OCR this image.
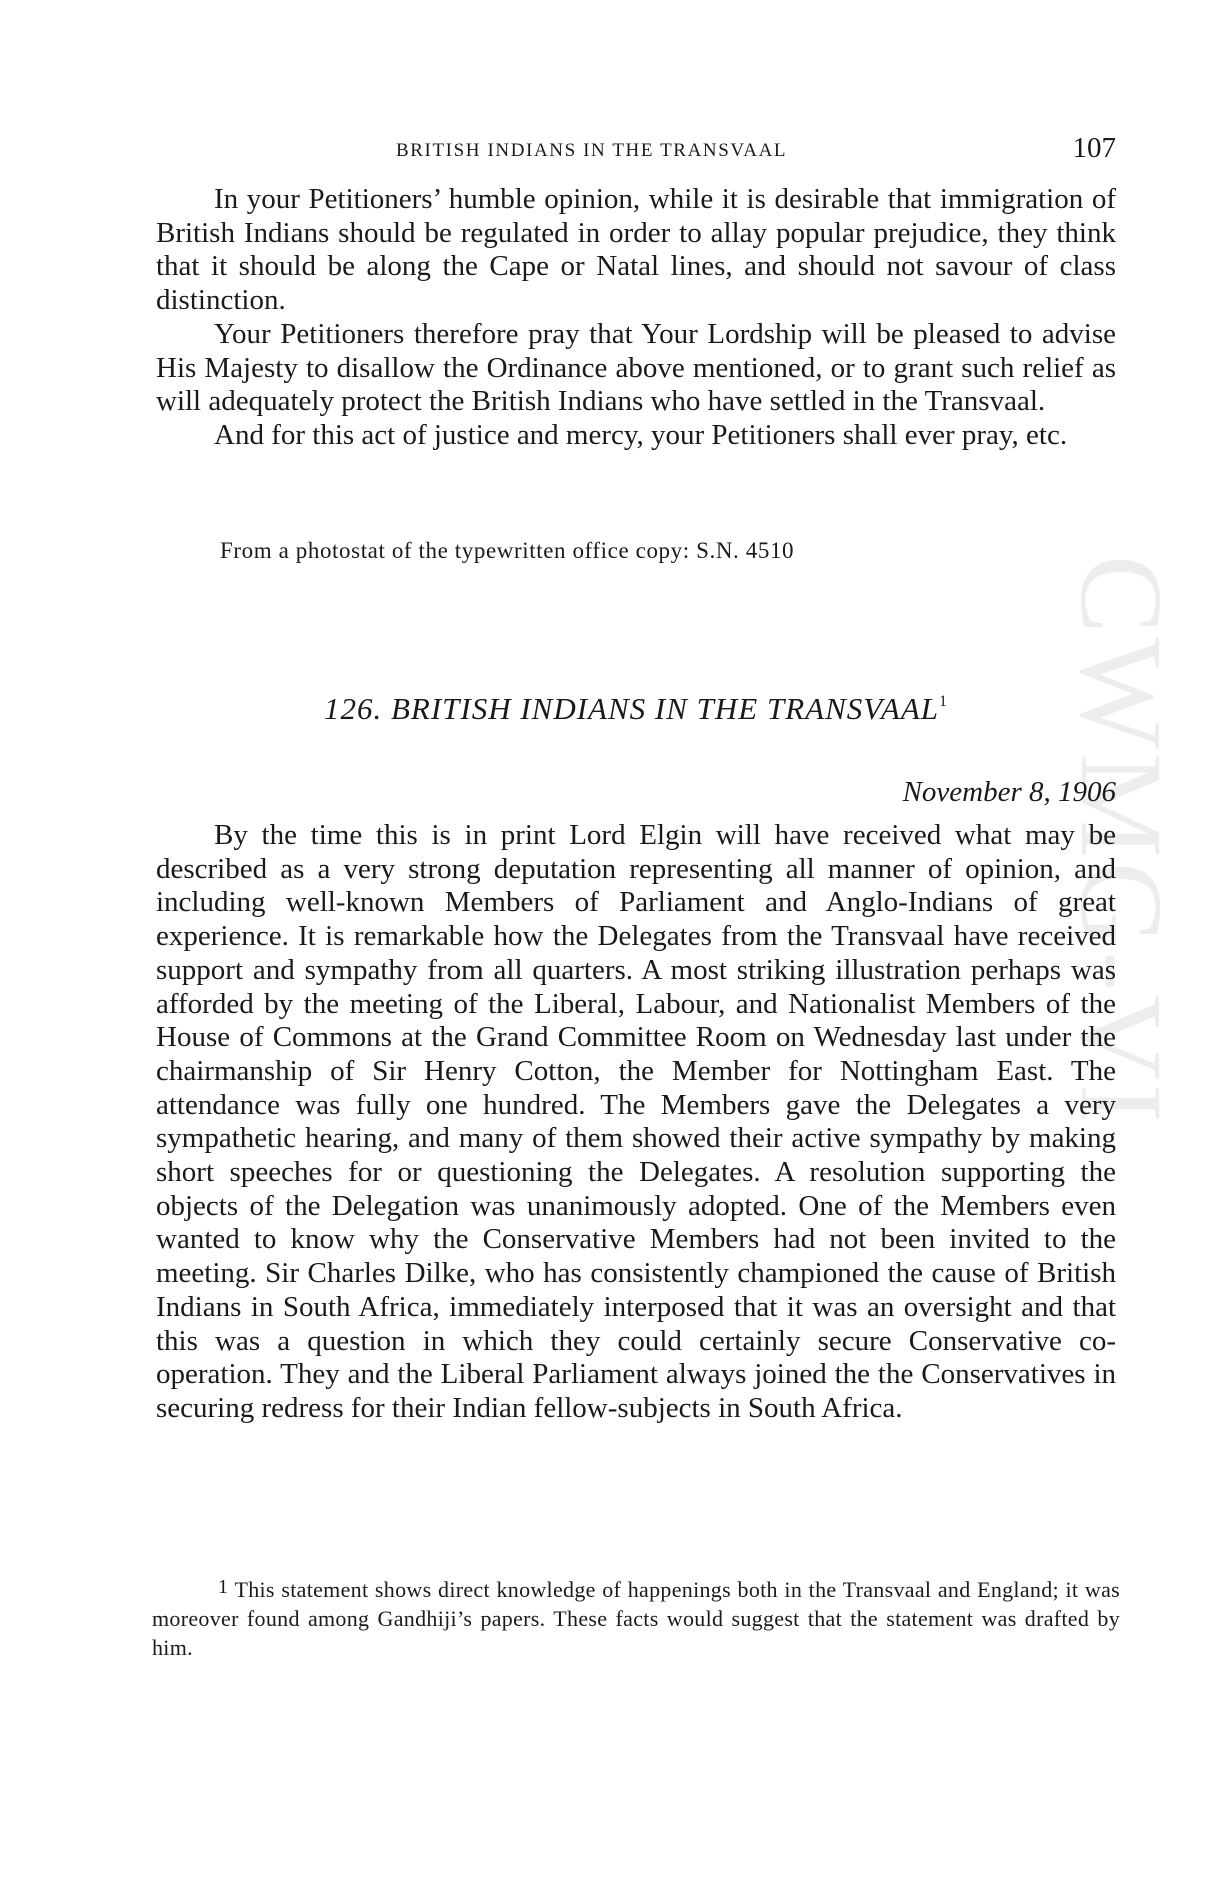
CWMG-VI
BRITISH INDIANS IN THE TRANSVAAL	107

In your Petitioners’ humble opinion, while it is desirable that immigration of British Indians should be regulated in order to allay popular prejudice, they think that it should be along the Cape or Natal lines, and should not savour of class distinction.

Your Petitioners therefore pray that Your Lordship will be pleased to advise His Majesty to disallow the Ordinance above mentioned, or to grant such relief as will adequately protect the British Indians who have settled in the Transvaal.

And for this act of justice and mercy, your Petitioners shall ever pray, etc.

From a photostat of the typewritten office copy: S.N. 4510
126. BRITISH INDIANS IN THE TRANSVAAL$^1$
November 8, 1906

By the time this is in print Lord Elgin will have received what may be described as a very strong deputation representing all manner of opinion, and including well-known Members of Parliament and Anglo-Indians of great experience. It is remarkable how the Delegates from the Transvaal have received support and sympathy from all quarters. A most striking illustration perhaps was afforded by the meeting of the Liberal, Labour, and Nationalist Members of the House of Commons at the Grand Committee Room on Wednesday last under the chairmanship of Sir Henry Cotton, the Member for Nottingham East. The attendance was fully one hundred. The Members gave the Delegates a very sympathetic hearing, and many of them showed their active sympathy by making short speeches for or questioning the Delegates. A resolution supporting the objects of the Delegation was unanimously adopted. One of the Members even wanted to know why the Conservative Members had not been invited to the meeting. Sir Charles Dilke, who has consistently championed the cause of British Indians in South Africa, immediately interposed that it was an oversight and that this was a question in which they could certainly secure Conservative co-operation. They and the Liberal Parliament always joined the the Conservatives in securing redress for their Indian fellow-subjects in South Africa.

1 This statement shows direct knowledge of happenings both in the Transvaal and England; it was moreover found among Gandhiji’s papers. These facts would suggest that the statement was drafted by him.
